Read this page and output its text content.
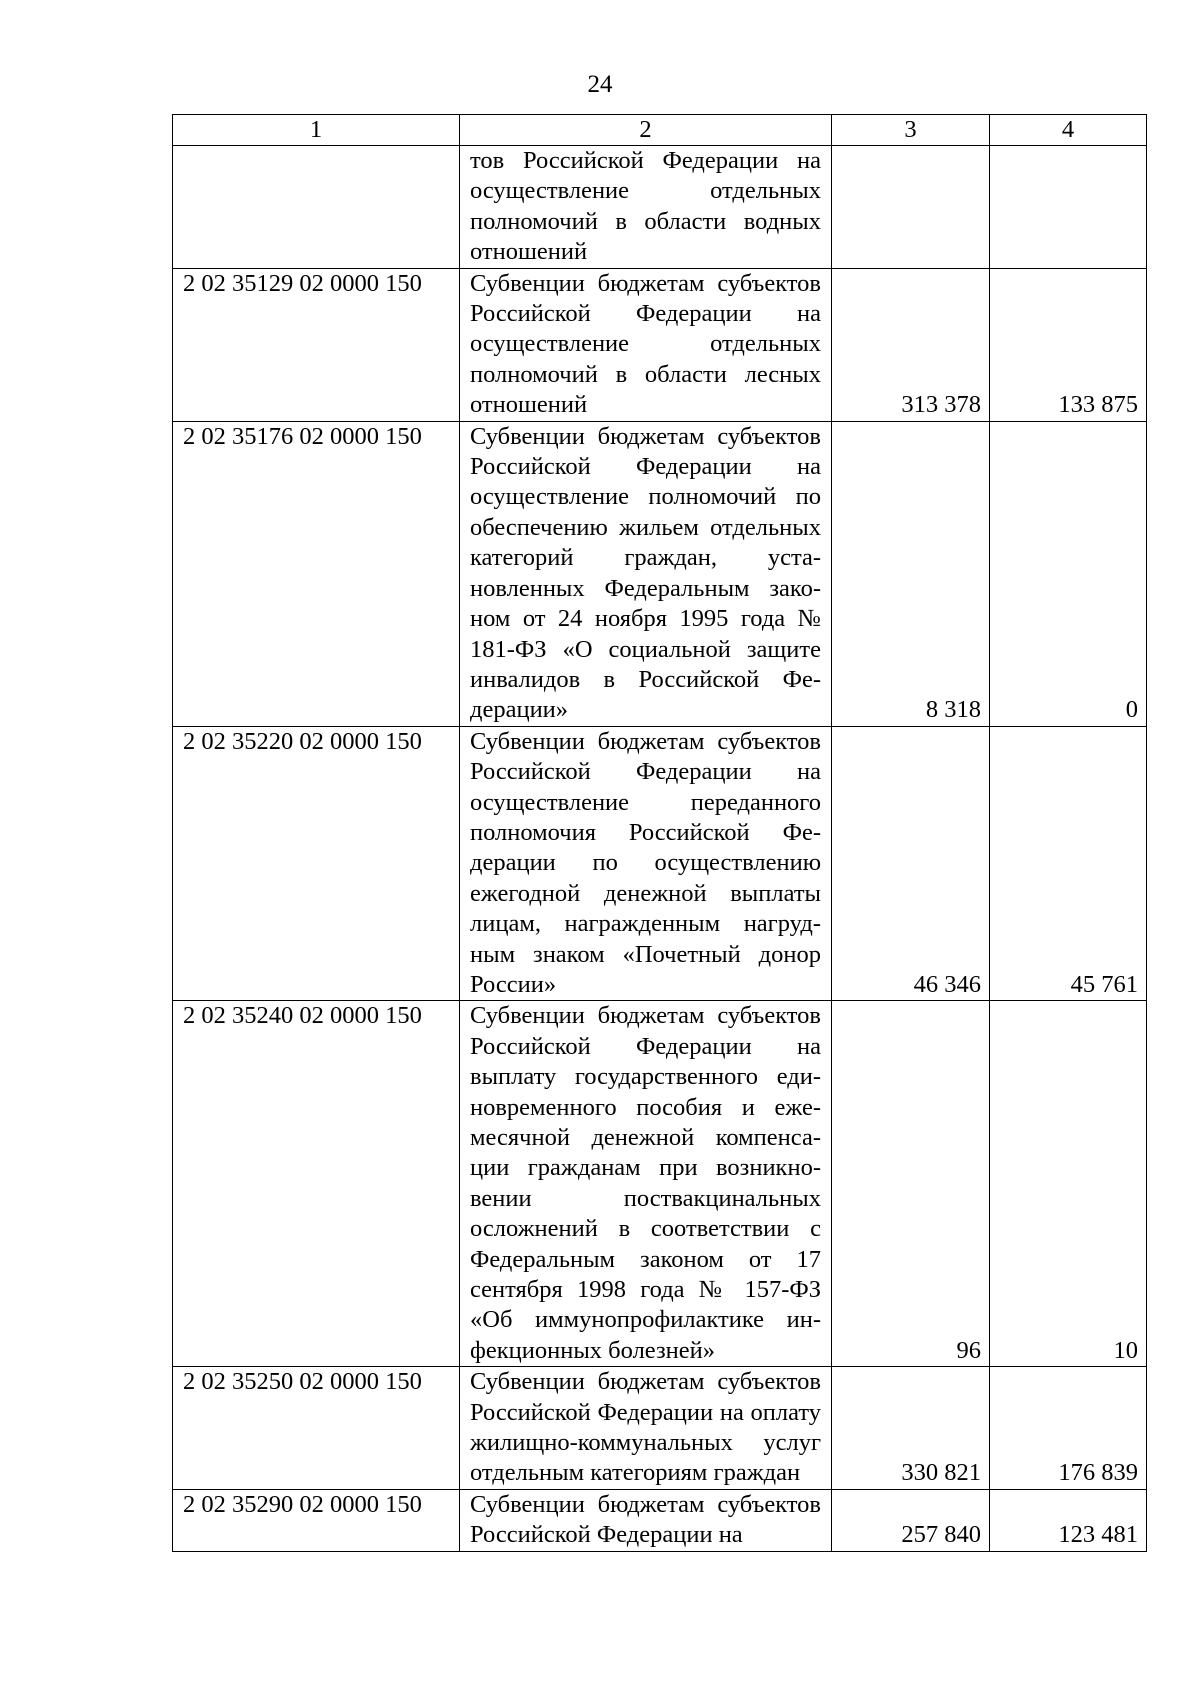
24
1	2	3	4
	тов Российской Федерации на осуществление отдельных полномочий в области водных отношений		
2 02 35129 02 0000 150	Субвенции бюджетам субъектов Российской Федерации на осуществление отдельных полномочий в области лесных отношений	313 378	133 875
2 02 35176 02 0000 150	Субвенции бюджетам субъектов Российской Федерации на осуществление полномочий по обеспечению жильем отдельных категорий граждан, установленных Федеральным законом от 24 ноября 1995 года № 181-ФЗ «О социальной защите инвалидов в Российской Федерации»	8 318	0
2 02 35220 02 0000 150	Субвенции бюджетам субъектов Российской Федерации на осуществление переданного полномочия Российской Федерации по осуществлению ежегодной денежной выплаты лицам, награжденным нагрудным знаком «Почетный донор России»	46 346	45 761
2 02 35240 02 0000 150	Субвенции бюджетам субъектов Российской Федерации на выплату государственного единовременного пособия и ежемесячной денежной компенсации гражданам при возникновении поствакцинальных осложнений в соответствии с Федеральным законом от 17 сентября 1998 года № 157-ФЗ «Об иммунопрофилактике инфекционных болезней»	96	10
2 02 35250 02 0000 150	Субвенции бюджетам субъектов Российской Федерации на оплату жилищно-коммунальных услуг отдельным категориям граждан	330 821	176 839
2 02 35290 02 0000 150	Субвенции бюджетам субъектов Российской Федерации на	257 840	123 481
